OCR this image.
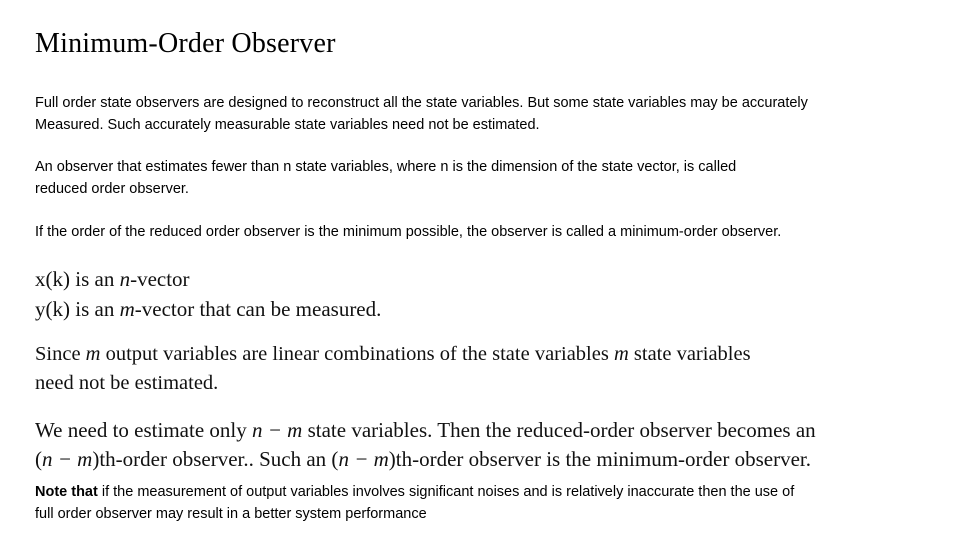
Minimum-Order Observer

Full order state observers are designed to reconstruct all the state variables. But some state variables may be accurately
Measured. Such accurately measurable state variables need not be estimated.

An observer that estimates fewer than n state variables, where n is the dimension of the state vector, is called
reduced order observer.

If the order of the reduced order observer is the minimum possible, the observer is called a minimum-order observer.

x(k) is an n-vector
y(k) is an m-vector that can be measured.
Since m output variables are linear combinations of the state variables m state variables
need not be estimated.
We need to estimate only n − m state variables. Then the reduced-order observer becomes an
(n − m)th-order observer.. Such an (n − m)th-order observer is the minimum-order observer.

Note that if the measurement of output variables involves significant noises and is relatively inaccurate then the use of
full order observer may result in a better system performance
